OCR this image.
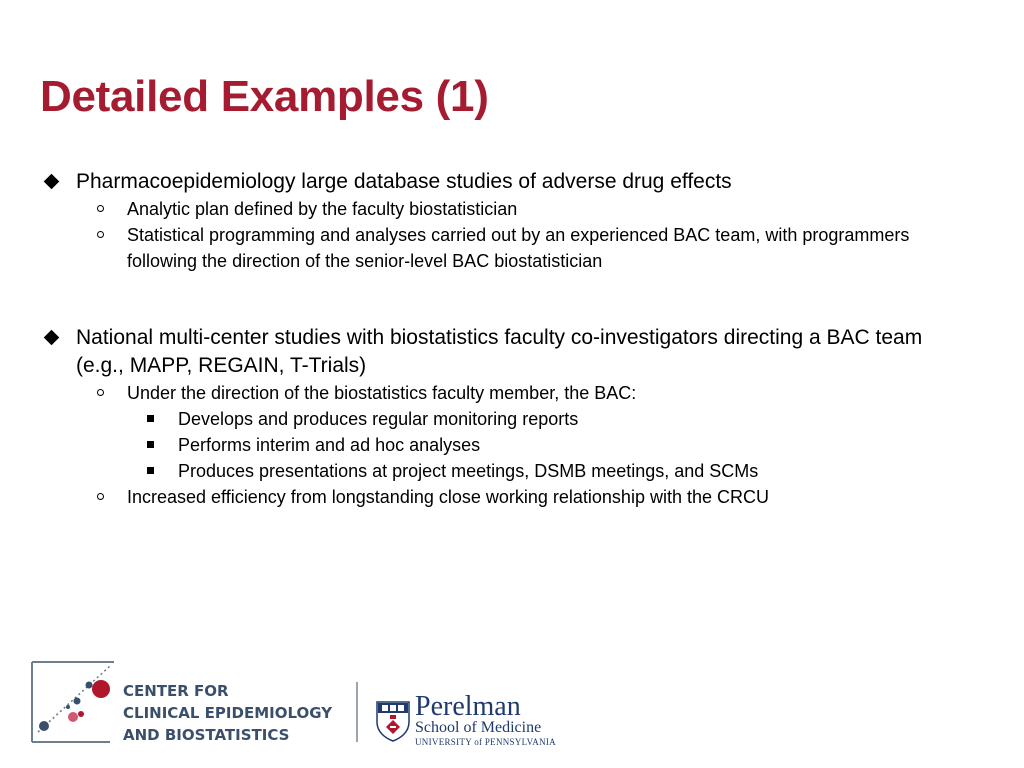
Detailed Examples (1)
Pharmacoepidemiology large database studies of adverse drug effects
Analytic plan defined by the faculty biostatistician
Statistical programming and analyses carried out by an experienced BAC team, with programmers following the direction of the senior-level BAC biostatistician
National multi-center studies with biostatistics faculty co-investigators directing a BAC team (e.g., MAPP, REGAIN, T-Trials)
Under the direction of the biostatistics faculty member, the BAC:
Develops and produces regular monitoring reports
Performs interim and ad hoc analyses
Produces presentations at project meetings, DSMB meetings, and SCMs
Increased efficiency from longstanding close working relationship with the CRCU
CENTER FOR
CLINICAL EPIDEMIOLOGY
AND BIOSTATISTICS
Perelman
School of Medicine
UNIVERSITY of PENNSYLVANIA
